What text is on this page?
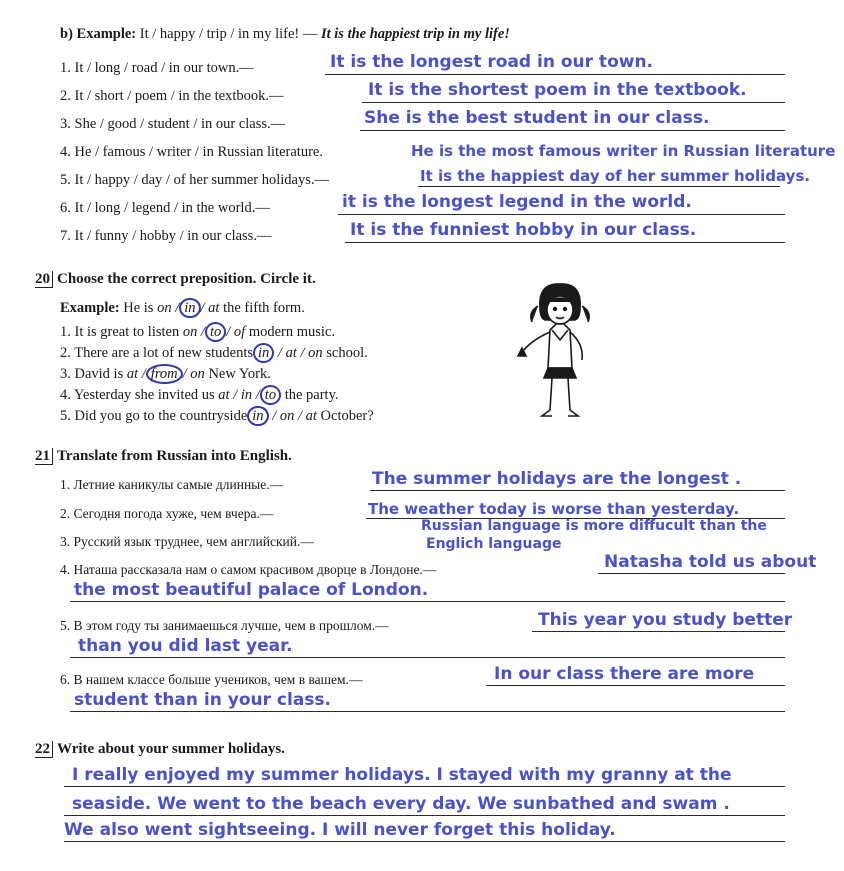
b) Example: It / happy / trip / in my life! — It is the happiest trip in my life!
1. It / long / road / in our town.—	It is the longest road in our town.
2. It / short / poem / in the textbook.—	It is the shortest poem in the textbook.
3. She / good / student / in our class.—	She is the best student in our class.
4. He / famous / writer / in Russian literature.	He is the most famous writer in Russian literature
5. It / happy / day / of her summer holidays.—	It is the happiest day of her summer holidays.
6. It / long / legend / in the world.—	it is the longest legend in the world.
7. It / funny / hobby / in our class.—	It is the funniest hobby in our class.
20 Choose the correct preposition. Circle it.
Example: He is on / in / at the fifth form.
1. It is great to listen on / to / of modern music.
2. There are a lot of new students in / at / on school.
3. David is at / from / on New York.
4. Yesterday she invited us at / in / to the party.
5. Did you go to the countryside in / on / at October?
21 Translate from Russian into English.
1. Летние каникулы самые длинные.—	The summer holidays are the longest .
2. Сегодня погода хуже, чем вчера.—	The weather today is worse than yesterday.
3. Русский язык труднее, чем английский.—
Russian language is more diffucult than the
Englich language
4. Наташа рассказала нам о самом красивом дворце в Лондоне.—	Natasha told us about
the most beautiful palace of London.
5. В этом году ты занимаешься лучше, чем в прошлом.—	This year you study better
than you did last year.
6. В нашем классе больше учеников, чем в вашем.—	In our class there are more
student than in your class.
22 Write about your summer holidays.
I really enjoyed my summer holidays. I stayed with my granny at the
seaside. We went to the beach every day. We sunbathed and swam .
We also went sightseeing. I will never forget this holiday.
